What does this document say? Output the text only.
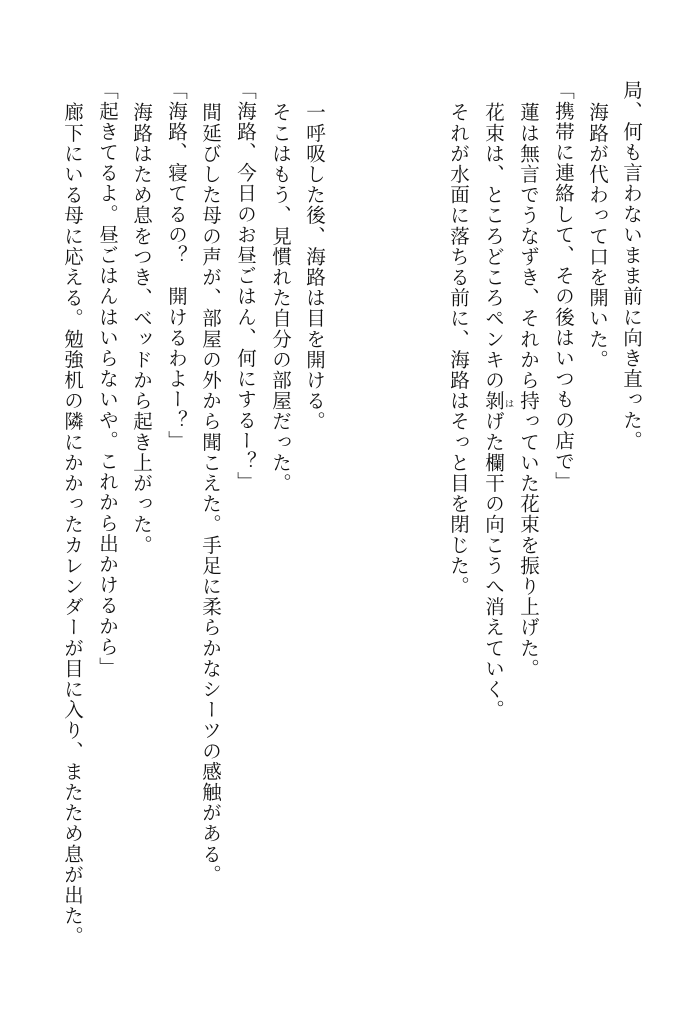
局、何も言わないまま前に向き直った。
海路が代わって口を開いた。
「携帯に連絡して、その後はいつもの店で」
蓮は無言でうなずき、それから持っていた花束を振り上げた。
花束は、ところどころペンキの剝げた欄干の向こうへ消えていく。
それが水面に落ちる前に、海路はそっと目を閉じた。	は
一呼吸した後、海路は目を開ける。
そこはもう、見慣れた自分の部屋だった。
「海路、今日のお昼ごはん、何にするー？」
間延びした母の声が、部屋の外から聞こえた。手足に柔らかなシーツの感触がある。
「海路、寝てるの？　開けるわよー？」
海路はため息をつき、ベッドから起き上がった。
「起きてるよ。昼ごはんはいらないや。これから出かけるから」
廊下にいる母に応える。勉強机の隣にかかったカレンダーが目に入り、またため息が出た。
